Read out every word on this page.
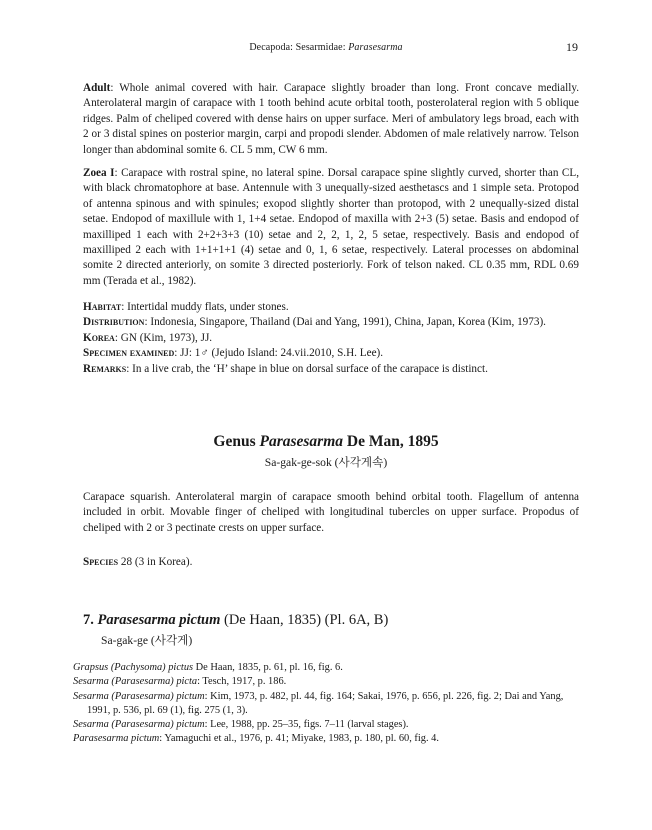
Decapoda: Sesarmidae: Parasesarma	19

Adult: Whole animal covered with hair. Carapace slightly broader than long. Front concave medially. Anterolateral margin of carapace with 1 tooth behind acute orbital tooth, posterolateral region with 5 oblique ridges. Palm of cheliped covered with dense hairs on upper surface. Meri of ambulatory legs broad, each with 2 or 3 distal spines on posterior margin, carpi and propodi slender. Abdomen of male relatively narrow. Telson longer than abdominal somite 6. CL 5 mm, CW 6 mm.

Zoea I: Carapace with rostral spine, no lateral spine. Dorsal carapace spine slightly curved, shorter than CL, with black chromatophore at base. Antennule with 3 unequally-sized aesthetascs and 1 simple seta. Protopod of antenna spinous and with spinules; exopod slightly shorter than protopod, with 2 unequally-sized distal setae. Endopod of maxillule with 1, 1+4 setae. Endopod of maxilla with 2+3 (5) setae. Basis and endopod of maxilliped 1 each with 2+2+3+3 (10) setae and 2, 2, 1, 2, 5 setae, respectively. Basis and endopod of maxilliped 2 each with 1+1+1+1 (4) setae and 0, 1, 6 setae, respectively. Lateral processes on abdominal somite 2 directed anteriorly, on somite 3 directed posteriorly. Fork of telson naked. CL 0.35 mm, RDL 0.69 mm (Terada et al., 1982).

Habitat: Intertidal muddy flats, under stones.

Distribution: Indonesia, Singapore, Thailand (Dai and Yang, 1991), China, Japan, Korea (Kim, 1973).

Korea: GN (Kim, 1973), JJ.

Specimen examined: JJ: 1♂ (Jejudo Island: 24.vii.2010, S.H. Lee).

Remarks: In a live crab, the ‘H’ shape in blue on dorsal surface of the carapace is distinct.

Genus Parasesarma De Man, 1895
Sa-gak-ge-sok (사각게속)

Carapace squarish. Anterolateral margin of carapace smooth behind orbital tooth. Flagellum of antenna included in orbit. Movable finger of cheliped with longitudinal tubercles on upper surface. Propodus of cheliped with 2 or 3 pectinate crests on upper surface.

Species 28 (3 in Korea).

7. Parasesarma pictum (De Haan, 1835) (Pl. 6A, B)
Sa-gak-ge (사각게)
Grapsus (Pachysoma) pictus De Haan, 1835, p. 61, pl. 16, fig. 6.
Sesarma (Parasesarma) picta: Tesch, 1917, p. 186.
Sesarma (Parasesarma) pictum: Kim, 1973, p. 482, pl. 44, fig. 164; Sakai, 1976, p. 656, pl. 226, fig. 2; Dai and Yang, 1991, p. 536, pl. 69 (1), fig. 275 (1, 3).
Sesarma (Parasesarma) pictum: Lee, 1988, pp. 25–35, figs. 7–11 (larval stages).
Parasesarma pictum: Yamaguchi et al., 1976, p. 41; Miyake, 1983, p. 180, pl. 60, fig. 4.
